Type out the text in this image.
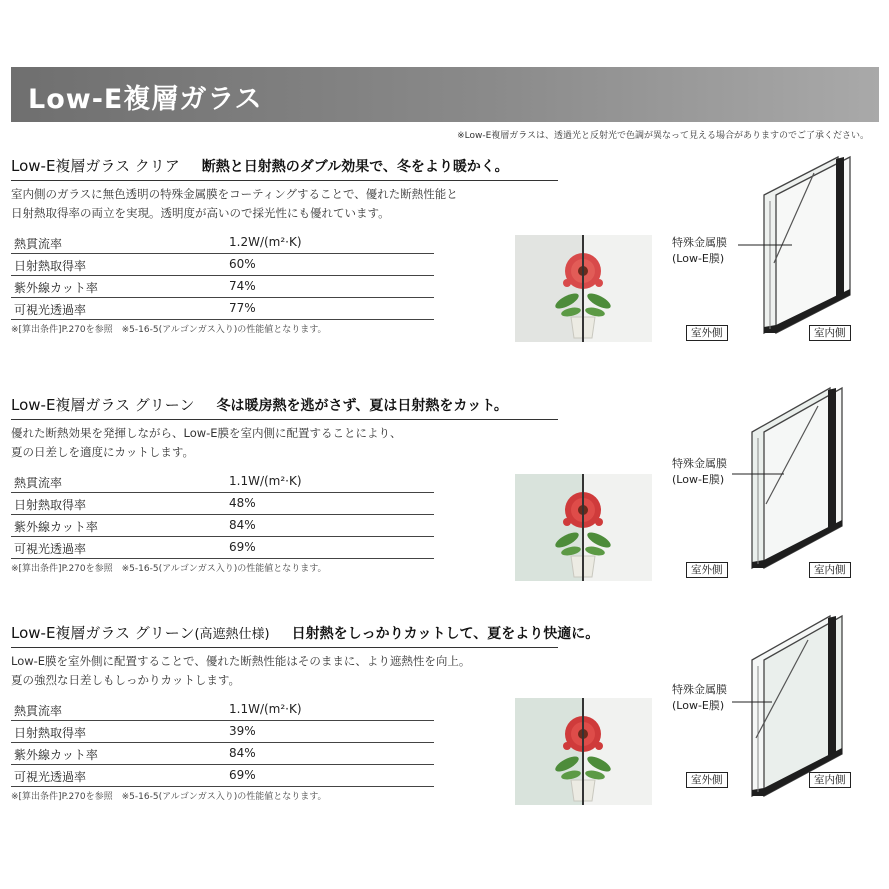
Low-E複層ガラス
※Low-E複層ガラスは、透過光と反射光で色調が異なって見える場合がありますのでご了承ください。
Low-E複層ガラス クリア 断熱と日射熱のダブル効果で、冬をより暖かく。
室内側のガラスに無色透明の特殊金属膜をコーティングすることで、優れた断熱性能と
日射熱取得率の両立を実現。透明度が高いので採光性にも優れています。
熱貫流率	1.2W/(m²·K)
日射熱取得率	60%
紫外線カット率	74%
可視光透過率	77%
※[算出条件]P.270を参照　※5-16-5(アルゴンガス入り)の性能値となります。
特殊金属膜
(Low-E膜)
室外側	室内側
Low-E複層ガラス グリーン 冬は暖房熱を逃がさず、夏は日射熱をカット。
優れた断熱効果を発揮しながら、Low-E膜を室内側に配置することにより、
夏の日差しを適度にカットします。
熱貫流率	1.1W/(m²·K)
日射熱取得率	48%
紫外線カット率	84%
可視光透過率	69%
※[算出条件]P.270を参照　※5-16-5(アルゴンガス入り)の性能値となります。
特殊金属膜
(Low-E膜)
室外側	室内側
Low-E複層ガラス グリーン (高遮熱仕様) 日射熱をしっかりカットして、夏をより快適に。
Low-E膜を室外側に配置することで、優れた断熱性能はそのままに、より遮熱性を向上。
夏の強烈な日差しもしっかりカットします。
熱貫流率	1.1W/(m²·K)
日射熱取得率	39%
紫外線カット率	84%
可視光透過率	69%
※[算出条件]P.270を参照　※5-16-5(アルゴンガス入り)の性能値となります。
特殊金属膜
(Low-E膜)
室外側	室内側
